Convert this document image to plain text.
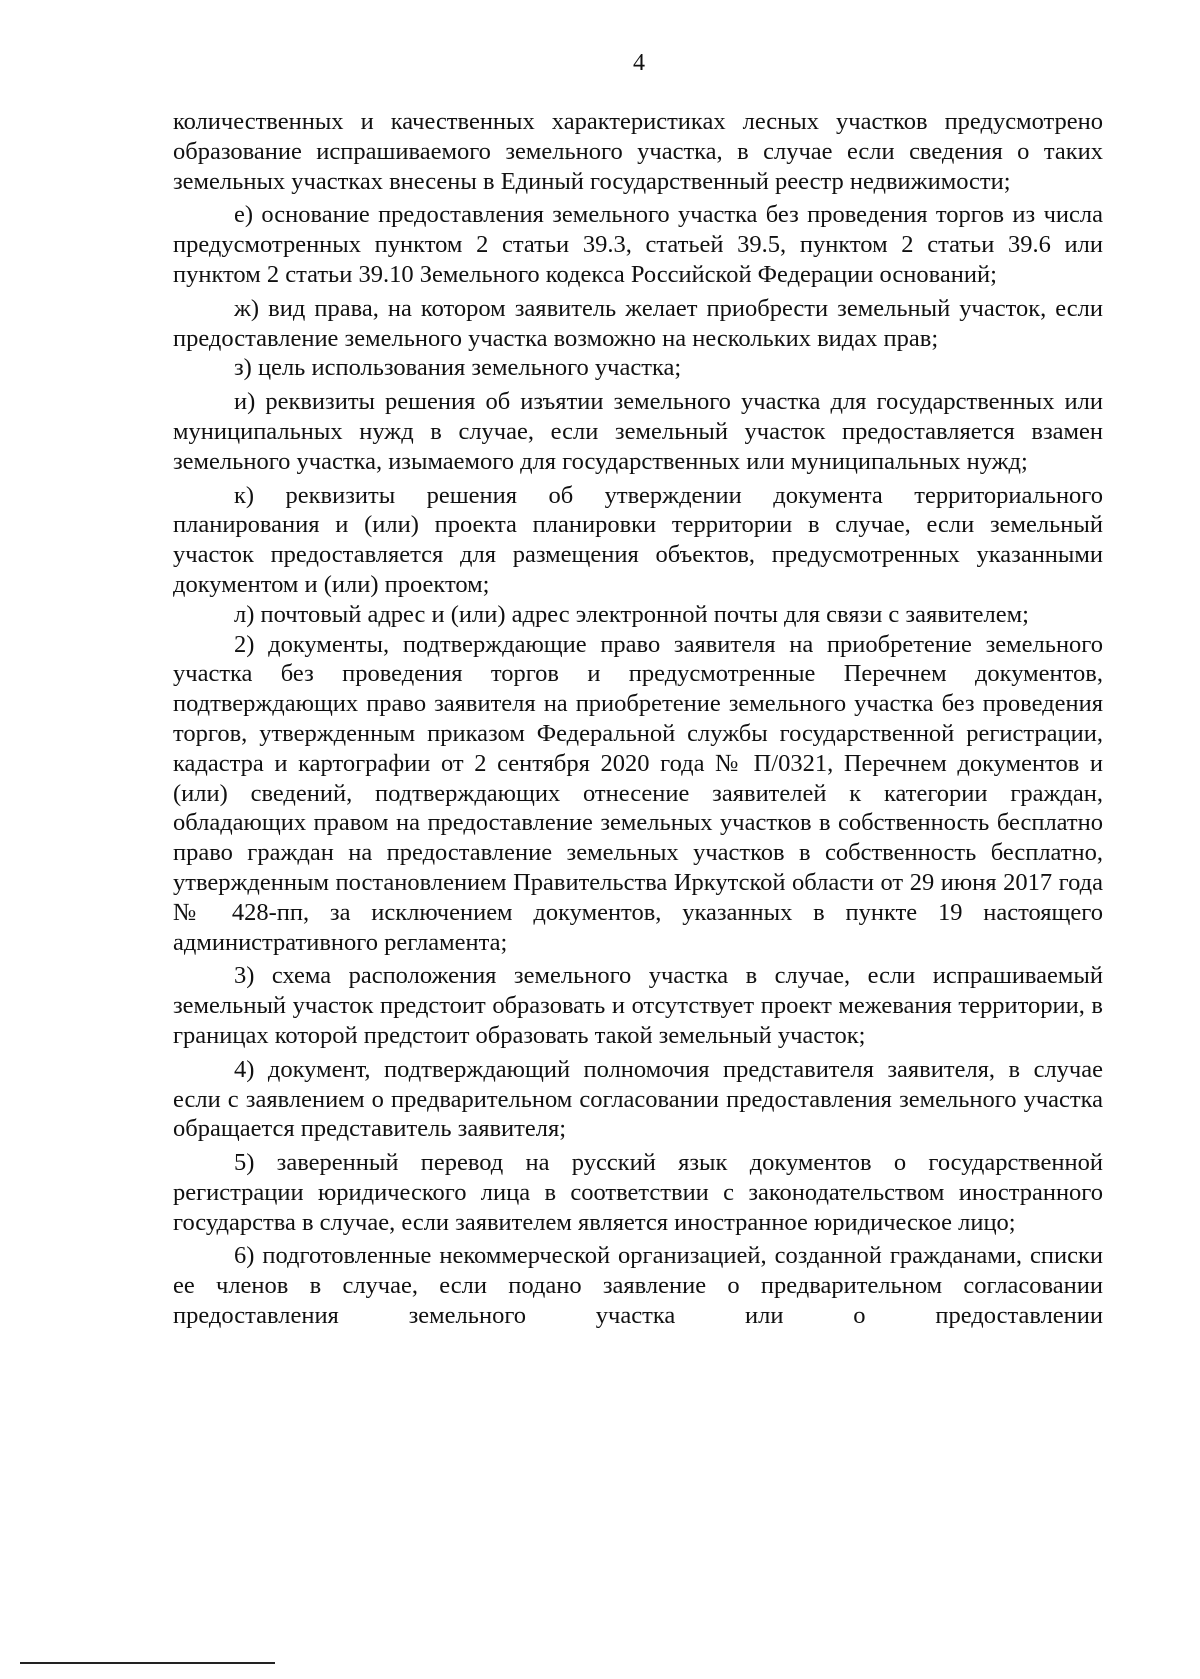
4

количественных и качественных характеристиках лесных участков предусмотрено образование испрашиваемого земельного участка, в случае если сведения о таких земельных участках внесены в Единый государственный реестр недвижимости;

е) основание предоставления земельного участка без проведения торгов из числа предусмотренных пунктом 2 статьи 39.3, статьей 39.5, пунктом 2 статьи 39.6 или пунктом 2 статьи 39.10 Земельного кодекса Российской Федерации оснований;

ж) вид права, на котором заявитель желает приобрести земельный участок, если предоставление земельного участка возможно на нескольких видах прав;

з) цель использования земельного участка;

и) реквизиты решения об изъятии земельного участка для государственных или муниципальных нужд в случае, если земельный участок предоставляется взамен земельного участка, изымаемого для государственных или муниципальных нужд;

к) реквизиты решения об утверждении документа территориального планирования и (или) проекта планировки территории в случае, если земельный участок предоставляется для размещения объектов, предусмотренных указанными документом и (или) проектом;

л) почтовый адрес и (или) адрес электронной почты для связи с заявителем;

2) документы, подтверждающие право заявителя на приобретение земельного участка без проведения торгов и предусмотренные Перечнем документов, подтверждающих право заявителя на приобретение земельного участка без проведения торгов, утвержденным приказом Федеральной службы государственной регистрации, кадастра и картографии от 2 сентября 2020 года № П/0321, Перечнем документов и (или) сведений, подтверждающих отнесение заявителей к категории граждан, обладающих правом на предоставление земельных участков в собственность бесплатно право граждан на предоставление земельных участков в собственность бесплатно, утвержденным постановлением Правительства Иркутской области от 29 июня 2017 года № 428-пп, за исключением документов, указанных в пункте 19 настоящего административного регламента;

3) схема расположения земельного участка в случае, если испрашиваемый земельный участок предстоит образовать и отсутствует проект межевания территории, в границах которой предстоит образовать такой земельный участок;

4) документ, подтверждающий полномочия представителя заявителя, в случае если с заявлением о предварительном согласовании предоставления земельного участка обращается представитель заявителя;

5) заверенный перевод на русский язык документов о государственной регистрации юридического лица в соответствии с законодательством иностранного государства в случае, если заявителем является иностранное юридическое лицо;

6) подготовленные некоммерческой организацией, созданной гражданами, списки ее членов в случае, если подано заявление о предварительном согласовании предоставления земельного участка или о предоставлении
